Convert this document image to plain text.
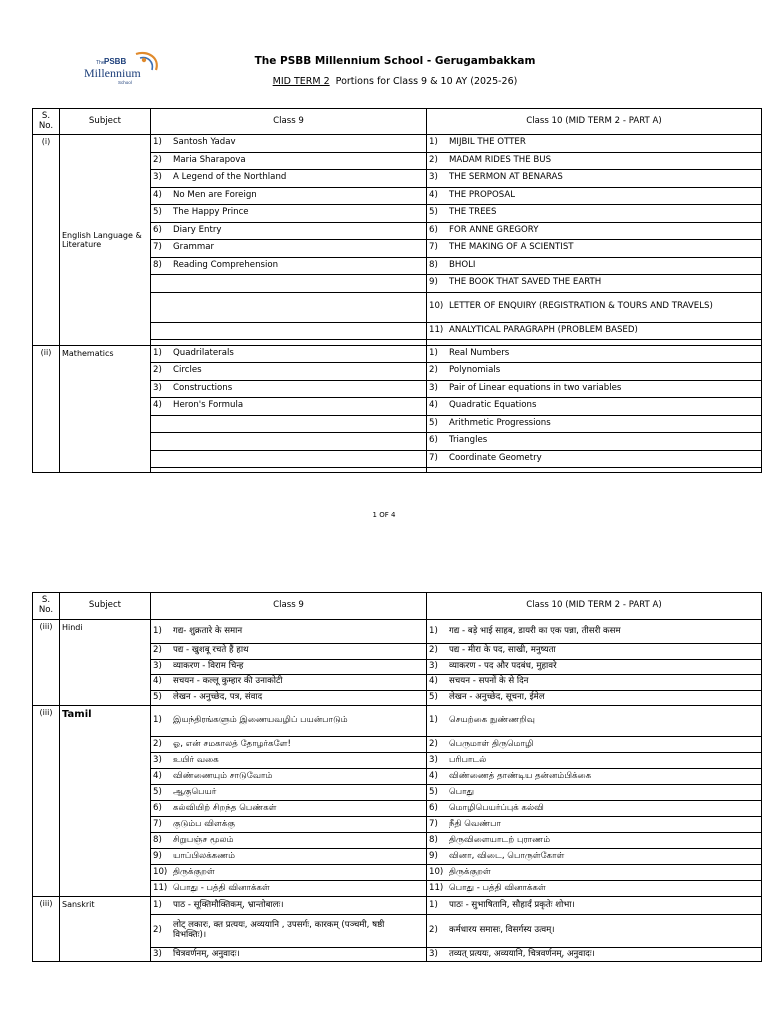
The PSBB
Millennium
School
The PSBB Millennium School - Gerugambakkam
MID TERM 2  Portions for Class 9 & 10 AY (2025-26)
S. No.	Subject	Class 9	Class 10 (MID TERM 2 - PART A)
(i)	English Language & Literature	1) Santosh Yadav	1) MIJBIL THE OTTER
		2) Maria Sharapova	2) MADAM RIDES THE BUS
		3) A Legend of the Northland	3) THE SERMON AT BENARAS
		4) No Men are Foreign	4) THE PROPOSAL
		5) The Happy Prince	5) THE TREES
		6) Diary Entry	6) FOR ANNE GREGORY
		7) Grammar	7) THE MAKING OF A SCIENTIST
		8) Reading Comprehension	8) BHOLI
			9) THE BOOK THAT SAVED THE EARTH

			10) LETTER OF ENQUIRY (REGISTRATION & TOURS AND TRAVELS)

			11) ANALYTICAL PARAGRAPH (PROBLEM BASED)

(ii)	Mathematics	1) Quadrilaterals	1) Real Numbers
		2) Circles	2) Polynomials
		3) Constructions	3) Pair of Linear equations in two variables
		4) Heron's Formula	4) Quadratic Equations
			5) Arithmetic Progressions
			6) Triangles
			7) Coordinate Geometry

1 OF 4
S. No.	Subject	Class 9	Class 10 (MID TERM 2 - PART A)
(iii)	Hindi	1) गद्य- शुक्रतारे के समान	1) गद्य - बड़े भाई साहब, डायरी का एक पन्ना, तीसरी कसम
		2) पद्य - खुशबू रचते हैं हाथ	2) पद्य - मीरा के पद, साखी, मनुष्यता
		3) व्याकरण - विराम चिन्ह	3) व्याकरण - पद और पदबंध, मुहावरे
		4) सचयन - कल्लू कुम्हार की उनाकोटी	4) सचयन - सपनों के से दिन
		5) लेखन - अनुच्छेद, पत्र, संवाद	5) लेखन - अनुच्छेद, सूचना, ईमेल
(iii)	Tamil	1) இயந்திரங்களும் இணையவழிப் பயன்பாடும்	1) செயற்கை நுண்ணறிவு
		2) ஓ, என் சமகாலத் தோழர்களே!	2) பெருமாள் திருமொழி
		3) உயிர் வகை	3) பரிபாடல்
		4) விண்ணையும் சாடுவோம்	4) விண்ணைத் தாண்டிய தன்னம்பிக்கை
		5) ஆகுபெயர்	5) பொது
		6) கல்வியிற் சிறந்த பெண்கள்	6) மொழிபெயர்ப்புக் கல்வி
		7) குடும்ப விளக்கு	7) நீதி வெண்பா
		8) சிறுபஞ்ச மூலம்	8) திருவிளையாடற் புராணம்
		9) யாப்பிலக்கணம்	9) வினா, விடை, பொருள்கோள்
		10) திருக்குறள்	10) திருக்குறள்
		11) பொது - பத்தி வினாக்கள்	11) பொது - பத்தி வினாக்கள்
(iii)	Sanskrit	1) पाठ - सूक्तिमौक्तिकम्, भ्रान्तोबालः।	1) पाठः - सुभाषितानि, सौहार्दं प्रकृतेः शोभा।

		2) लोट् लकारः, क्त प्रत्ययः, अव्ययानि , उपसर्गः, कारकम् (पञ्चमी, षष्ठी विभक्तिः)।	2) कर्मधारय समासः, विसर्गस्य उत्वम्।
		3) चित्रवर्णनम्, अनुवादः।	3) तव्यत् प्रत्ययः, अव्ययानि, चित्रवर्णनम्, अनुवादः।
